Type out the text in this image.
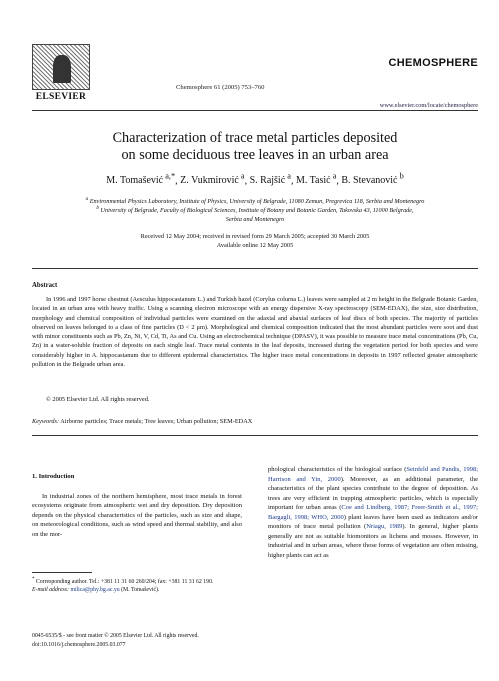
ELSEVIER
Chemosphere 61 (2005) 753–760
CHEMOSPHERE
www.elsevier.com/locate/chemosphere
Characterization of trace metal particles deposited
on some deciduous tree leaves in an urban area
M. Tomašević $^{a,*}$, Z. Vukmirović $^a$, S. Rajšić $^a$, M. Tasić $^a$, B. Stevanović $^b$
$^a$ Environmental Physics Laboratory, Institute of Physics, University of Belgrade, 11080 Zemun, Pregrevica 118, Serbia and Montenegro
$^b$ University of Belgrade, Faculty of Biological Sciences, Institute of Botany and Botanic Garden, Takovska 43, 11000 Belgrade,
Serbia and Montenegro
Received 12 May 2004; received in revised form 29 March 2005; accepted 30 March 2005
Available online 12 May 2005
Abstract
In 1996 and 1997 horse chestnut (Aesculus hippocastanum L.) and Turkish hazel (Corylus colurna L.) leaves were sampled at 2 m height in the Belgrade Botanic Garden, located in an urban area with heavy traffic. Using a scanning electron microscope with an energy dispersive X-ray spectroscopy (SEM-EDAX), the size, size distribution, morphology and chemical composition of individual particles were examined on the adaxial and abaxial surfaces of leaf discs of both species. The majority of particles observed on leaves belonged to a class of fine particles (D < 2 μm). Morphological and chemical composition indicated that the most abundant particles were soot and dust with minor constituents such as Pb, Zn, Ni, V, Cd, Ti, As and Cu. Using an electrochemical technique (DPASV), it was possible to measure trace metal concentrations (Pb, Cu, Zn) in a water-soluble fraction of deposits on each single leaf. Trace metal contents in the leaf deposits, increased during the vegetation period for both species and were considerably higher in A. hippocastanum due to different epidermal characteristics. The higher trace metal concentrations in deposits in 1997 reflected greater atmospheric pollution in the Belgrade urban area.
© 2005 Elsevier Ltd. All rights reserved.
Keywords: Airborne particles; Trace metals; Tree leaves; Urban pollution; SEM-EDAX
1. Introduction

In industrial zones of the northern hemisphere, most trace metals in forest ecosystems originate from atmospheric wet and dry deposition. Dry deposition depends on the physical characteristics of the particles, such as size and shape, on meteorological conditions, such as wind speed and thermal stability, and also on the mor-

phological characteristics of the biological surface (Seinfeld and Pandis, 1998; Harrison and Yin, 2000). Moreover, as an additional parameter, the characteristics of the plant species contribute to the degree of deposition. As trees are very efficient in trapping atmospheric particles, which is especially important for urban areas (Coe and Lindberg, 1987; Freer-Smith et al., 1997; Bargagli, 1998; WHO, 2000) plant leaves have been used as indicators and/or monitors of trace metal pollution (Nriagu, 1989). In general, higher plants generally are not as suitable biomonitors as lichens and mosses. However, in industrial and in urban areas, where those forms of vegetation are often missing, higher plants can act as

* Corresponding author. Tel.: +381 11 31 60 260/204; fax: +381 11 31 62 190.
E-mail address: milica@phy.bg.ac.yu (M. Tomašević).
0045-6535/$ - see front matter © 2005 Elsevier Ltd. All rights reserved.
doi:10.1016/j.chemosphere.2005.03.077
